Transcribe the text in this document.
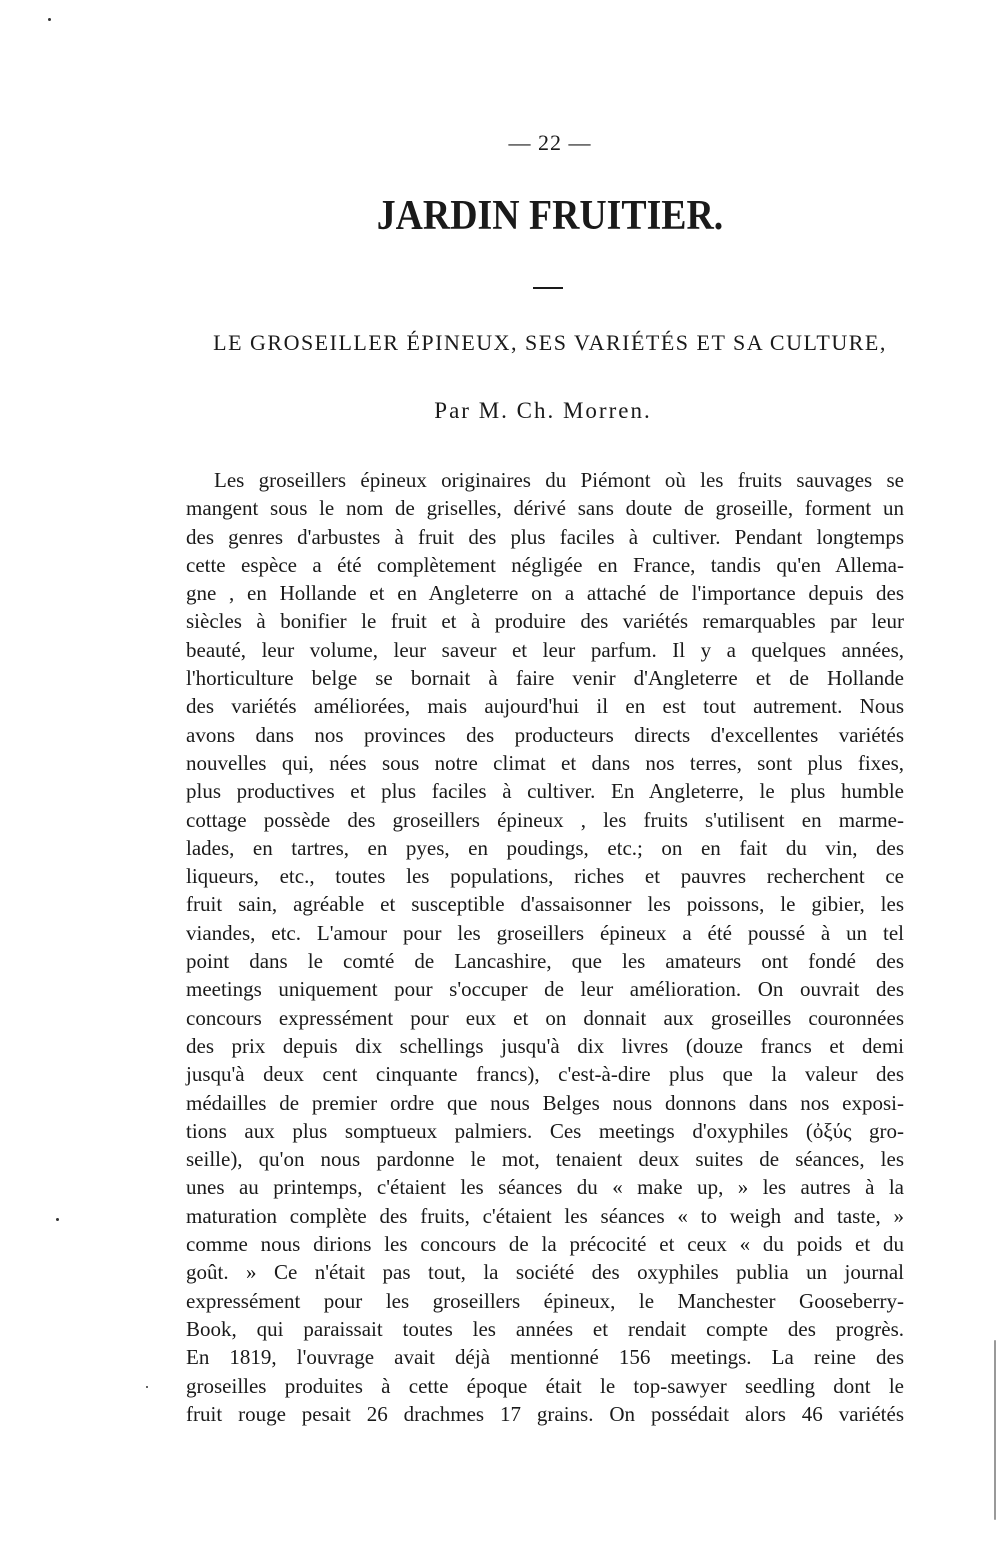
— 22 —
JARDIN FRUITIER.
LE GROSEILLER ÉPINEUX, SES VARIÉTÉS ET SA CULTURE,
Par M. Ch. Morren.
Les groseillers épineux originaires du Piémont où les fruits sauvages se
mangent sous le nom de griselles, dérivé sans doute de groseille, forment un
des genres d'arbustes à fruit des plus faciles à cultiver. Pendant longtemps
cette espèce a été complètement négligée en France, tandis qu'en Allema-
gne , en Hollande et en Angleterre on a attaché de l'importance depuis des
siècles à bonifier le fruit et à produire des variétés remarquables par leur
beauté, leur volume, leur saveur et leur parfum. Il y a quelques années,
l'horticulture belge se bornait à faire venir d'Angleterre et de Hollande
des variétés améliorées, mais aujourd'hui il en est tout autrement. Nous
avons dans nos provinces des producteurs directs d'excellentes variétés
nouvelles qui, nées sous notre climat et dans nos terres, sont plus fixes,
plus productives et plus faciles à cultiver. En Angleterre, le plus humble
cottage possède des groseillers épineux , les fruits s'utilisent en marme-
lades, en tartres, en pyes, en poudings, etc.; on en fait du vin, des
liqueurs, etc., toutes les populations, riches et pauvres recherchent ce
fruit sain, agréable et susceptible d'assaisonner les poissons, le gibier, les
viandes, etc. L'amour pour les groseillers épineux a été poussé à un tel
point dans le comté de Lancashire, que les amateurs ont fondé des
meetings uniquement pour s'occuper de leur amélioration. On ouvrait des
concours expressément pour eux et on donnait aux groseilles couronnées
des prix depuis dix schellings jusqu'à dix livres (douze francs et demi
jusqu'à deux cent cinquante francs), c'est-à-dire plus que la valeur des
médailles de premier ordre que nous Belges nous donnons dans nos exposi-
tions aux plus somptueux palmiers. Ces meetings d'oxyphiles (ὀξύς gro-
seille), qu'on nous pardonne le mot, tenaient deux suites de séances, les
unes au printemps, c'étaient les séances du « make up, » les autres à la
maturation complète des fruits, c'étaient les séances « to weigh and taste, »
comme nous dirions les concours de la précocité et ceux « du poids et du
goût. » Ce n'était pas tout, la société des oxyphiles publia un journal
expressément pour les groseillers épineux, le Manchester Gooseberry-
Book, qui paraissait toutes les années et rendait compte des progrès.
En 1819, l'ouvrage avait déjà mentionné 156 meetings. La reine des
groseilles produites à cette époque était le top-sawyer seedling dont le
fruit rouge pesait 26 drachmes 17 grains. On possédait alors 46 variétés
